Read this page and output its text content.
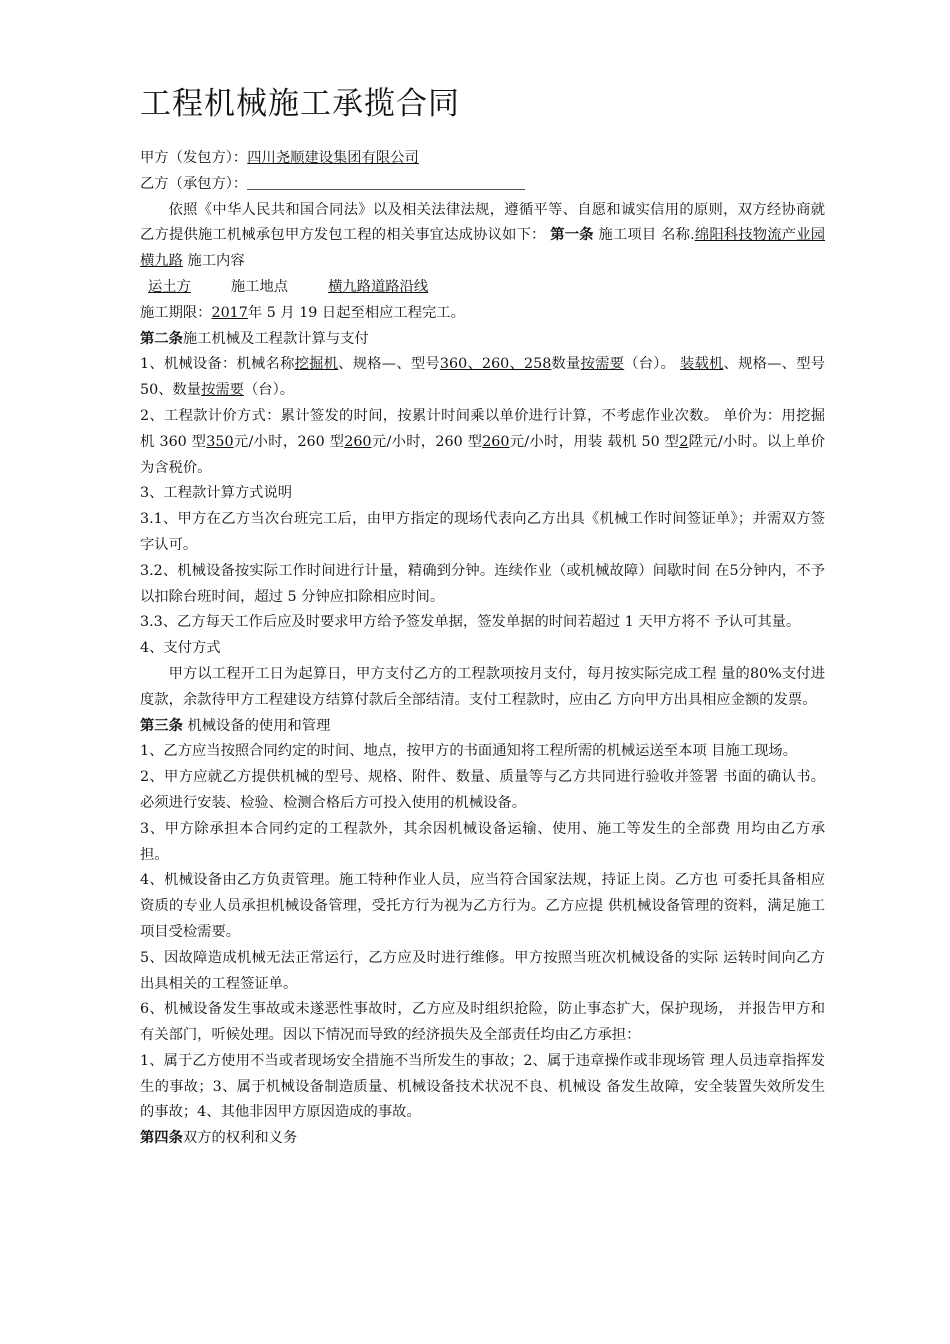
工程机械施工承揽合同
甲方（发包方）：四川尧顺建设集团有限公司
乙方（承包方）：

依照《中华人民共和国合同法》以及相关法律法规，遵循平等、自愿和诚实信用的原则，双方经协商就乙方提供施工机械承包甲方发包工程的相关事宜达成协议如下： 第一条 施工项目 名称.绵阳科技物流产业园横九路 施工内容

运土方	施工地点	横九路道路沿线
施工期限：2017年 5 月 19 日起至相应工程完工。
第二条施工机械及工程款计算与支付

1、机械设备：机械名称挖掘机、规格—、型号360、260、258数量按需要（台）。 装载机、规格—、型号 50、数量按需要（台）。

2、工程款计价方式：累计签发的时间，按累计时间乘以单价进行计算，不考虑作业次数。 单价为：用挖掘机 360 型350元/小时，260 型260元/小时，260 型260元/小时，用装 载机 50 型2陞元/小时。以上单价为含税价。

3、工程款计算方式说明

3.1、甲方在乙方当次台班完工后，由甲方指定的现场代表向乙方出具《机械工作时间签证单》；并需双方签字认可。

3.2、机械设备按实际工作时间进行计量，精确到分钟。连续作业（或机械故障）间歇时间 在5分钟内，不予以扣除台班时间，超过 5 分钟应扣除相应时间。

3.3、乙方每天工作后应及时要求甲方给予签发单据，签发单据的时间若超过 1 天甲方将不 予认可其量。

4、支付方式

甲方以工程开工日为起算日，甲方支付乙方的工程款项按月支付，每月按实际完成工程 量的80%支付进度款，余款待甲方工程建设方结算付款后全部结清。支付工程款时，应由乙 方向甲方出具相应金额的发票。

第三条 机械设备的使用和管理

1、乙方应当按照合同约定的时间、地点，按甲方的书面通知将工程所需的机械运送至本项 目施工现场。

2、甲方应就乙方提供机械的型号、规格、附件、数量、质量等与乙方共同进行验收并签署 书面的确认书。必须进行安装、检验、检测合格后方可投入使用的机械设备。

3、甲方除承担本合同约定的工程款外，其余因机械设备运输、使用、施工等发生的全部费 用均由乙方承担。

4、机械设备由乙方负责管理。施工特种作业人员，应当符合国家法规，持证上岗。乙方也 可委托具备相应资质的专业人员承担机械设备管理，受托方行为视为乙方行为。乙方应提 供机械设备管理的资料，满足施工项目受检需要。

5、因故障造成机械无法正常运行，乙方应及时进行维修。甲方按照当班次机械设备的实际 运转时间向乙方出具相关的工程签证单。

6、机械设备发生事故或未遂恶性事故时，乙方应及时组织抢险，防止事态扩大，保护现场， 并报告甲方和有关部门，听候处理。因以下情况而导致的经济损失及全部责任均由乙方承担：

1、属于乙方使用不当或者现场安全措施不当所发生的事故；2、属于违章操作或非现场管 理人员违章指挥发生的事故；3、属于机械设备制造质量、机械设备技术状况不良、机械设 备发生故障，安全装置失效所发生的事故；4、其他非因甲方原因造成的事故。

第四条双方的权利和义务
